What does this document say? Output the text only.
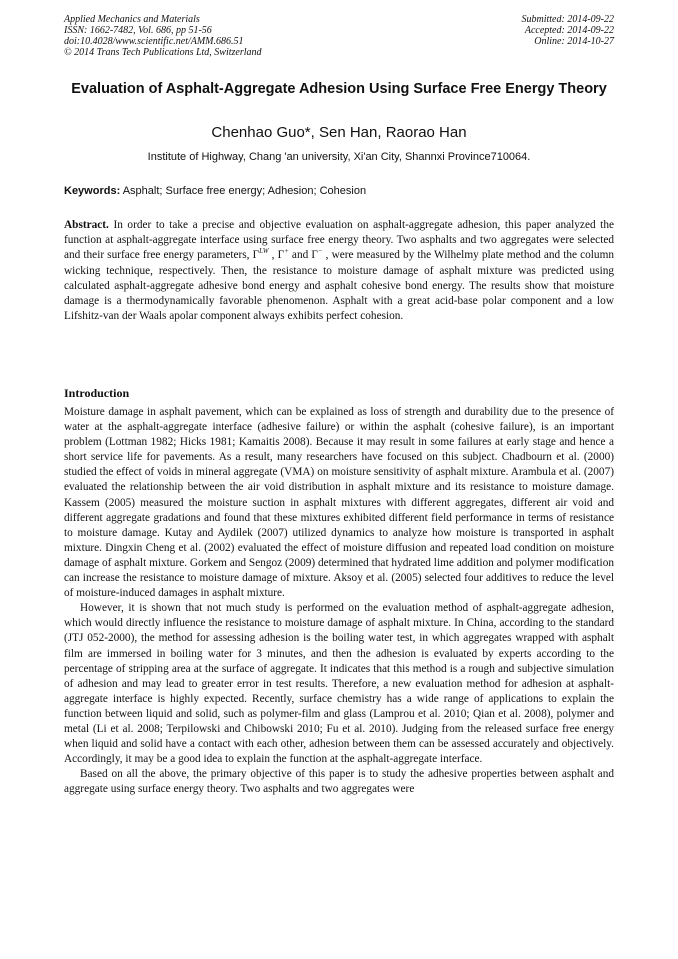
Applied Mechanics and Materials
ISSN: 1662-7482, Vol. 686, pp 51-56
doi:10.4028/www.scientific.net/AMM.686.51
© 2014 Trans Tech Publications Ltd, Switzerland
Submitted: 2014-09-22
Accepted: 2014-09-22
Online: 2014-10-27
Evaluation of Asphalt-Aggregate Adhesion Using Surface Free Energy Theory
Chenhao Guo*, Sen Han, Raorao Han
Institute of Highway, Chang 'an university, Xi'an City, Shannxi Province710064.
Keywords: Asphalt; Surface free energy; Adhesion; Cohesion
Abstract. In order to take a precise and objective evaluation on asphalt-aggregate adhesion, this paper analyzed the function at asphalt-aggregate interface using surface free energy theory. Two asphalts and two aggregates were selected and their surface free energy parameters, $\Gamma^{LW}$ , Γ+ and Γ− , were measured by the Wilhelmy plate method and the column wicking technique, respectively. Then, the resistance to moisture damage of asphalt mixture was predicted using calculated asphalt-aggregate adhesive bond energy and asphalt cohesive bond energy. The results show that moisture damage is a thermodynamically favorable phenomenon. Asphalt with a great acid-base polar component and a low Lifshitz-van der Waals apolar component always exhibits perfect cohesion.
Introduction

Moisture damage in asphalt pavement, which can be explained as loss of strength and durability due to the presence of water at the asphalt-aggregate interface (adhesive failure) or within the asphalt (cohesive failure), is an important problem (Lottman 1982; Hicks 1981; Kamaitis 2008). Because it may result in some failures at early stage and hence a short service life for pavements. As a result, many researchers have focused on this subject. Chadbourn et al. (2000) studied the effect of voids in mineral aggregate (VMA) on moisture sensitivity of asphalt mixture. Arambula et al. (2007) evaluated the relationship between the air void distribution in asphalt mixture and its resistance to moisture damage. Kassem (2005) measured the moisture suction in asphalt mixtures with different aggregates, different air void and different aggregate gradations and found that these mixtures exhibited different field performance in terms of resistance to moisture damage. Kutay and Aydilek (2007) utilized dynamics to analyze how moisture is transported in asphalt mixture. Dingxin Cheng et al. (2002) evaluated the effect of moisture diffusion and repeated load condition on moisture damage of asphalt mixture. Gorkem and Sengoz (2009) determined that hydrated lime addition and polymer modification can increase the resistance to moisture damage of mixture. Aksoy et al. (2005) selected four additives to reduce the level of moisture-induced damages in asphalt mixture.

However, it is shown that not much study is performed on the evaluation method of asphalt-aggregate adhesion, which would directly influence the resistance to moisture damage of asphalt mixture. In China, according to the standard (JTJ 052-2000), the method for assessing adhesion is the boiling water test, in which aggregates wrapped with asphalt film are immersed in boiling water for 3 minutes, and then the adhesion is evaluated by experts according to the percentage of stripping area at the surface of aggregate. It indicates that this method is a rough and subjective simulation of adhesion and may lead to greater error in test results. Therefore, a new evaluation method for adhesion at asphalt-aggregate interface is highly expected. Recently, surface chemistry has a wide range of applications to explain the function between liquid and solid, such as polymer-film and glass (Lamprou et al. 2010; Qian et al. 2008), polymer and metal (Li et al. 2008; Terpilowski and Chibowski 2010; Fu et al. 2010). Judging from the released surface free energy when liquid and solid have a contact with each other, adhesion between them can be assessed accurately and objectively. Accordingly, it may be a good idea to explain the function at the asphalt-aggregate interface.

Based on all the above, the primary objective of this paper is to study the adhesive properties between asphalt and aggregate using surface energy theory. Two asphalts and two aggregates were
